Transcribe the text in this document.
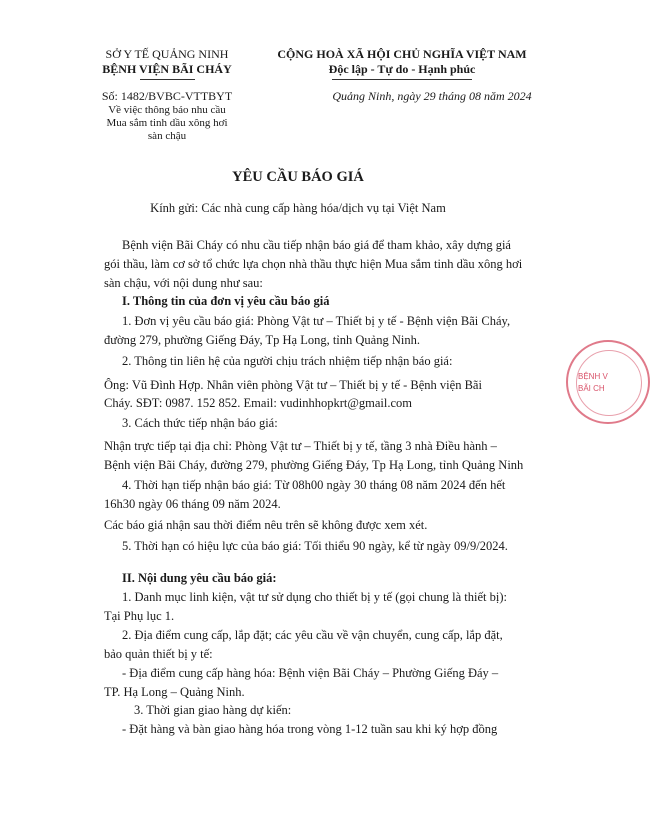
SỞ Y TẾ QUẢNG NINH
BỆNH VIỆN BÃI CHÁY
CỘNG HOÀ XÃ HỘI CHỦ NGHĨA VIỆT NAM
Độc lập - Tự do - Hạnh phúc
Số: 1482/BVBC-VTTBYT
Về việc thông báo nhu cầu
Mua sắm tinh dầu xông hơi
sàn chậu
Quảng Ninh, ngày 29 tháng 08 năm 2024
YÊU CẦU BÁO GIÁ
Kính gửi: Các nhà cung cấp hàng hóa/dịch vụ tại Việt Nam
Bệnh viện Bãi Cháy có nhu cầu tiếp nhận báo giá để tham khảo, xây dựng giá
gói thầu, làm cơ sở tổ chức lựa chọn nhà thầu thực hiện Mua sắm tinh dầu xông hơi
sàn chậu, với nội dung như sau:
I. Thông tin của đơn vị yêu cầu báo giá
1. Đơn vị yêu cầu báo giá: Phòng Vật tư – Thiết bị y tế - Bệnh viện Bãi Cháy,
đường 279, phường Giếng Đáy, Tp Hạ Long, tỉnh Quảng Ninh.
2. Thông tin liên hệ của người chịu trách nhiệm tiếp nhận báo giá:
Ông: Vũ Đình Hợp. Nhân viên phòng Vật tư – Thiết bị y tế - Bệnh viện Bãi
Cháy. SĐT: 0987. 152 852. Email: vudinhhopkrt@gmail.com
3. Cách thức tiếp nhận báo giá:
Nhận trực tiếp tại địa chỉ: Phòng Vật tư – Thiết bị y tế, tầng 3 nhà Điều hành –
Bệnh viện Bãi Cháy, đường 279, phường Giếng Đáy, Tp Hạ Long, tỉnh Quảng Ninh
4. Thời hạn tiếp nhận báo giá: Từ 08h00 ngày 30 tháng 08 năm 2024 đến hết
16h30 ngày 06 tháng 09 năm 2024.
Các báo giá nhận sau thời điểm nêu trên sẽ không được xem xét.
5. Thời hạn có hiệu lực của báo giá: Tối thiểu 90 ngày, kể từ ngày 09/9/2024.
II. Nội dung yêu cầu báo giá:
1. Danh mục linh kiện, vật tư sử dụng cho thiết bị y tế (gọi chung là thiết bị):
Tại Phụ lục 1.
2. Địa điểm cung cấp, lắp đặt; các yêu cầu về vận chuyển, cung cấp, lắp đặt,
bảo quản thiết bị y tế:
- Địa điểm cung cấp hàng hóa: Bệnh viện Bãi Cháy – Phường Giếng Đáy –
TP. Hạ Long – Quảng Ninh.
3. Thời gian giao hàng dự kiến:
- Đặt hàng và bàn giao hàng hóa trong vòng 1-12 tuần sau khi ký hợp đồng
BỆNH V
BÃI CH
